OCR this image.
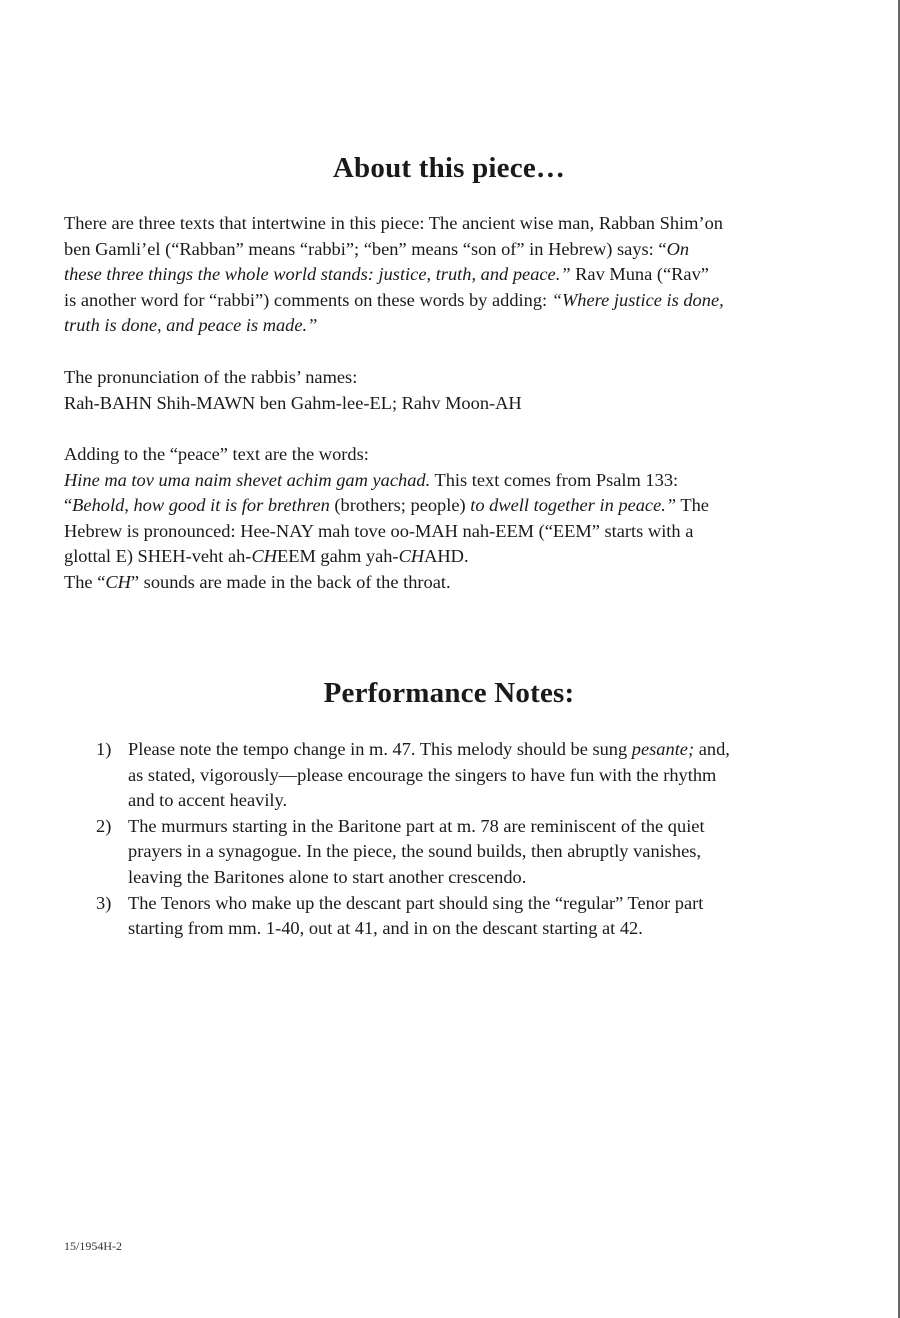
About this piece…
There are three texts that intertwine in this piece: The ancient wise man, Rabban Shim’on
ben Gamli’el (“Rabban” means “rabbi”; “ben” means “son of” in Hebrew) says: “On
these three things the whole world stands: justice, truth, and peace.” Rav Muna (“Rav”
is another word for “rabbi”) comments on these words by adding: “Where justice is done,
truth is done, and peace is made.”
The pronunciation of the rabbis’ names:
Rah-BAHN Shih-MAWN ben Gahm-lee-EL; Rahv Moon-AH
Adding to the “peace” text are the words:
Hine ma tov uma naim shevet achim gam yachad. This text comes from Psalm 133:
“Behold, how good it is for brethren (brothers; people) to dwell together in peace.” The
Hebrew is pronounced: Hee-NAY mah tove oo-MAH nah-EEM (“EEM” starts with a
glottal E) SHEH-veht ah-CHEEM gahm yah-CHAHD.
The “CH” sounds are made in the back of the throat.
Performance Notes:
1) Please note the tempo change in m. 47. This melody should be sung pesante; and,
as stated, vigorously—please encourage the singers to have fun with the rhythm
and to accent heavily.
2) The murmurs starting in the Baritone part at m. 78 are reminiscent of the quiet
prayers in a synagogue. In the piece, the sound builds, then abruptly vanishes,
leaving the Baritones alone to start another crescendo.
3) The Tenors who make up the descant part should sing the “regular” Tenor part
starting from mm. 1-40, out at 41, and in on the descant starting at 42.
15/1954H-2
